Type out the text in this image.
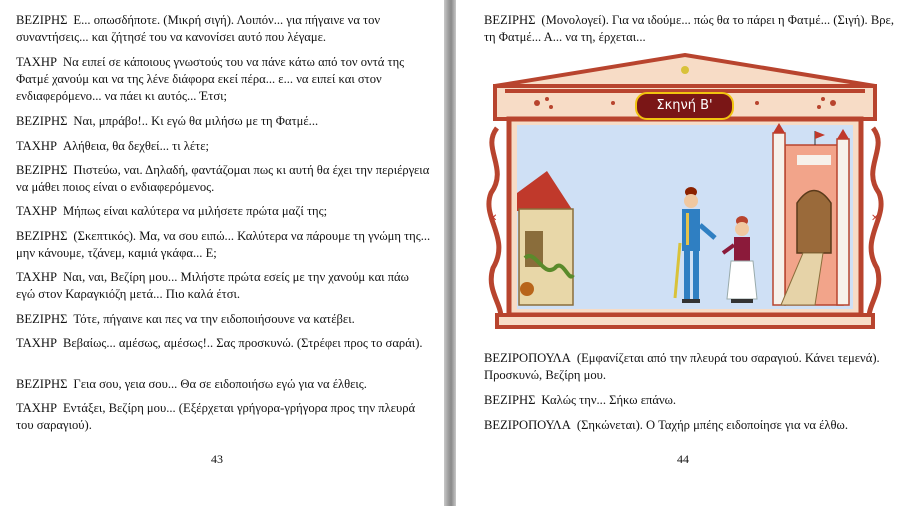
ΒΕΖΙΡΗΣ Ε... οπωσδήποτε. (Μικρή σιγή). Λοιπόν... για πήγαινε να τον συναντήσεις... και ζήτησέ του να κανονίσει αυτό που λέγαμε.

ΤΑΧΗΡ Να ειπεί σε κάποιους γνωστούς του να πάνε κάτω από τον οντά της Φατμέ χανούμ και να της λένε διάφορα εκεί πέρα... ε... να ειπεί και στον ενδιαφερόμενο... να πάει κι αυτός... Έτσι;

ΒΕΖΙΡΗΣ Ναι, μπράβο!.. Κι εγώ θα μιλήσω με τη Φατμέ...

ΤΑΧΗΡ Αλήθεια, θα δεχθεί... τι λέτε;

ΒΕΖΙΡΗΣ Πιστεύω, ναι. Δηλαδή, φαντάζομαι πως κι αυτή θα έχει την περιέργεια να μάθει ποιος είναι ο ενδιαφερόμενος.

ΤΑΧΗΡ Μήπως είναι καλύτερα να μιλήσετε πρώτα μαζί της;

ΒΕΖΙΡΗΣ (Σκεπτικός). Μα, να σου ειπώ... Καλύτερα να πάρουμε τη γνώμη της... μην κάνουμε, τζάνεμ, καμιά γκάφα... Ε;

ΤΑΧΗΡ Ναι, ναι, Βεζίρη μου... Μιλήστε πρώτα εσείς με την χανούμ και πάω εγώ στον Καραγκιόζη μετά... Πιο καλά έτσι.

ΒΕΖΙΡΗΣ Τότε, πήγαινε και πες να την ειδοποιήσουνε να κατέβει.

ΤΑΧΗΡ Βεβαίως... αμέσως, αμέσως!.. Σας προσκυνώ. (Στρέφει προς το σαράι).

ΒΕΖΙΡΗΣ Γεια σου, γεια σου... Θα σε ειδοποιήσω εγώ για να έλθεις.

ΤΑΧΗΡ Εντάξει, Βεζίρη μου... (Εξέρχεται γρήγορα-γρήγορα προς την πλευρά του σαραγιού).

43

ΒΕΖΙΡΗΣ (Μονολογεί). Για να ιδούμε... πώς θα το πάρει η Φατμέ... (Σιγή). Βρε, τη Φατμέ... Α... να τη, έρχεται...

ΒΕΖΙΡΟΠΟΥΛΑ (Εμφανίζεται από την πλευρά του σαραγιού. Κάνει τεμενά). Προσκυνώ, Βεζίρη μου.

ΒΕΖΙΡΗΣ Καλώς την... Σήκω επάνω.

ΒΕΖΙΡΟΠΟΥΛΑ (Σηκώνεται). Ο Ταχήρ μπέης ειδοποίησε για να έλθω.

44
✕	✕
Σκηνή Β'
